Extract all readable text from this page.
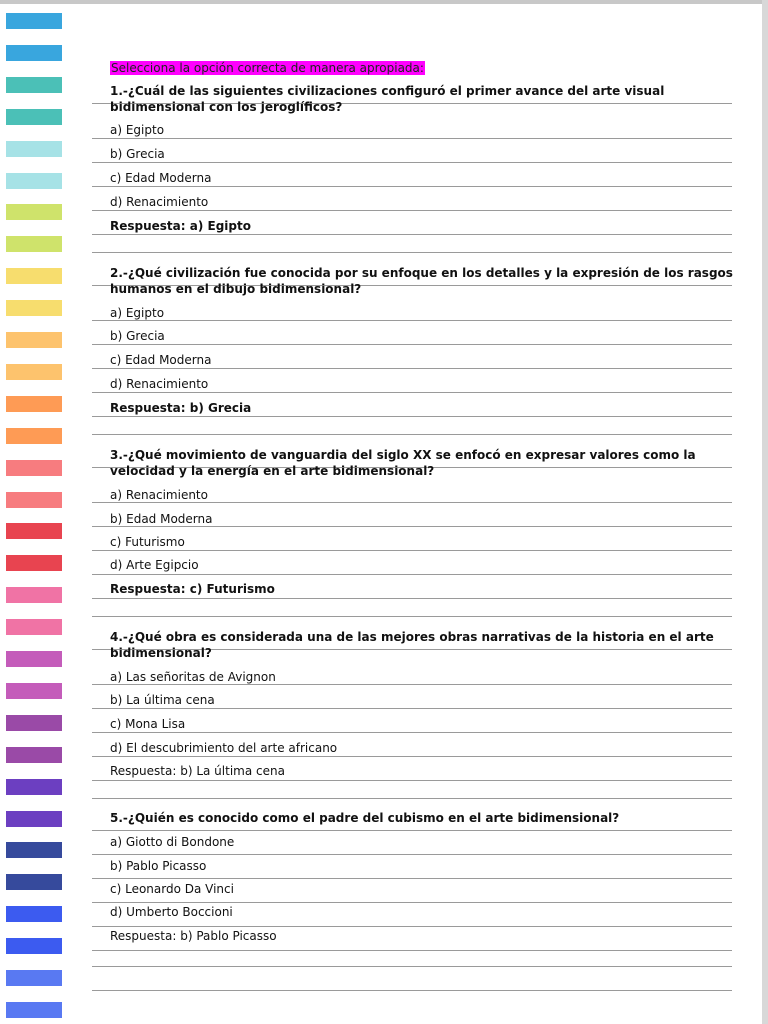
Selecciona la opción correcta de manera apropiada:
1.-¿Cuál de las siguientes civilizaciones configuró el primer avance del arte visual
bidimensional con los jeroglíficos?
a) Egipto
b) Grecia
c) Edad Moderna
d) Renacimiento
Respuesta: a) Egipto
2.-¿Qué civilización fue conocida por su enfoque en los detalles y la expresión de los rasgos
humanos en el dibujo bidimensional?
a) Egipto
b) Grecia
c) Edad Moderna
d) Renacimiento
Respuesta: b) Grecia
3.-¿Qué movimiento de vanguardia del siglo XX se enfocó en expresar valores como la
velocidad y la energía en el arte bidimensional?
a) Renacimiento
b) Edad Moderna
c) Futurismo
d) Arte Egipcio
Respuesta: c) Futurismo
4.-¿Qué obra es considerada una de las mejores obras narrativas de la historia en el arte
bidimensional?
a) Las señoritas de Avignon
b) La última cena
c) Mona Lisa
d) El descubrimiento del arte africano
Respuesta: b) La última cena
5.-¿Quién es conocido como el padre del cubismo en el arte bidimensional?
a) Giotto di Bondone
b) Pablo Picasso
c) Leonardo Da Vinci
d) Umberto Boccioni
Respuesta: b) Pablo Picasso
